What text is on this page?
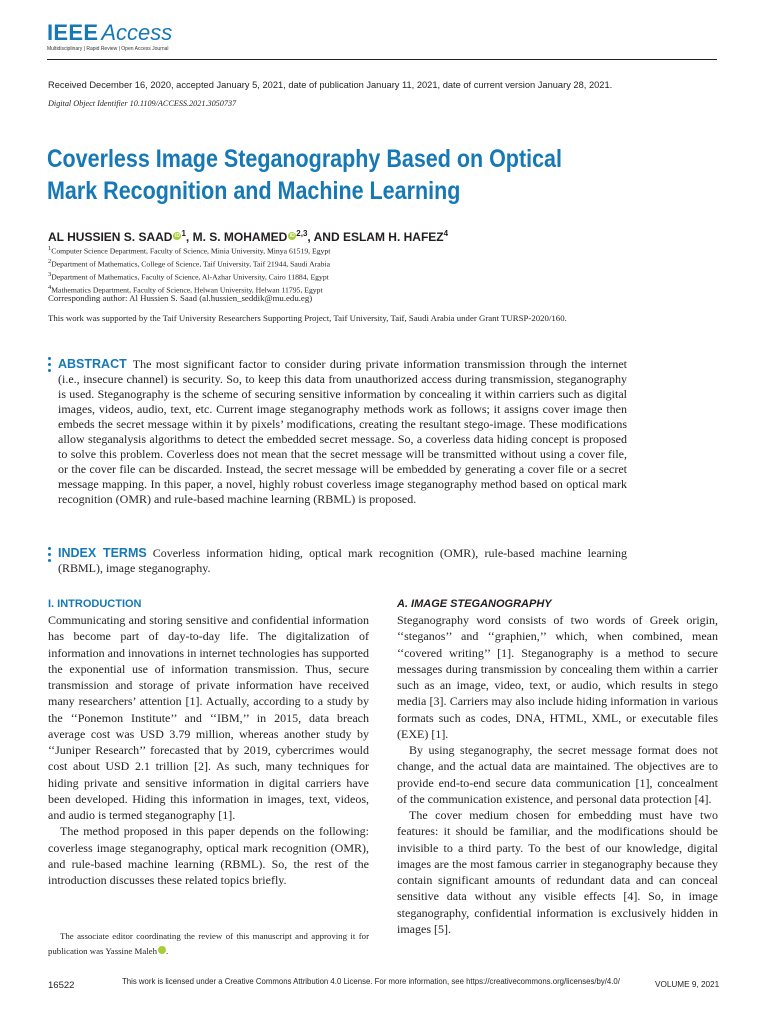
IEEE Access
Multidisciplinary | Rapid Review | Open Access Journal
Received December 16, 2020, accepted January 5, 2021, date of publication January 11, 2021, date of current version January 28, 2021.
Digital Object Identifier 10.1109/ACCESS.2021.3050737
Coverless Image Steganography Based on Optical Mark Recognition and Machine Learning
AL HUSSIEN S. SAAD iD $^1$, M. S. MOHAMED iD $^{2,3}$, AND ESLAM H. HAFEZ$^4$
$^1$Computer Science Department, Faculty of Science, Minia University, Minya 61519, Egypt
$^2$Department of Mathematics, College of Science, Taif University, Taif 21944, Saudi Arabia
$^3$Department of Mathematics, Faculty of Science, Al-Azhar University, Cairo 11884, Egypt
$^4$Mathematics Department, Faculty of Science, Helwan University, Helwan 11795, Egypt
Corresponding author: Al Hussien S. Saad (al.hussien_seddik@mu.edu.eg)
This work was supported by the Taif University Researchers Supporting Project, Taif University, Taif, Saudi Arabia under Grant TURSP-2020/160.
ABSTRACT The most significant factor to consider during private information transmission through the internet (i.e., insecure channel) is security. So, to keep this data from unauthorized access during transmission, steganography is used. Steganography is the scheme of securing sensitive information by concealing it within carriers such as digital images, videos, audio, text, etc. Current image steganography methods work as follows; it assigns cover image then embeds the secret message within it by pixels’ modifications, creating the resultant stego-image. These modifications allow steganalysis algorithms to detect the embedded secret message. So, a coverless data hiding concept is proposed to solve this problem. Coverless does not mean that the secret message will be transmitted without using a cover file, or the cover file can be discarded. Instead, the secret message will be embedded by generating a cover file or a secret message mapping. In this paper, a novel, highly robust coverless image steganography method based on optical mark recognition (OMR) and rule-based machine learning (RBML) is proposed.
INDEX TERMS Coverless information hiding, optical mark recognition (OMR), rule-based machine learning (RBML), image steganography.
I. INTRODUCTION

Communicating and storing sensitive and confidential information has become part of day-to-day life. The digitalization of information and innovations in internet technologies has supported the exponential use of information transmission. Thus, secure transmission and storage of private information have received many researchers’ attention [1]. Actually, according to a study by the ‘‘Ponemon Institute’’ and ‘‘IBM,’’ in 2015, data breach average cost was USD 3.79 million, whereas another study by ‘‘Juniper Research’’ forecasted that by 2019, cybercrimes would cost about USD 2.1 trillion [2]. As such, many techniques for hiding private and sensitive information in digital carriers have been developed. Hiding this information in images, text, videos, and audio is termed steganography [1].

The method proposed in this paper depends on the following: coverless image steganography, optical mark recognition (OMR), and rule-based machine learning (RBML). So, the rest of the introduction discusses these related topics briefly.

The associate editor coordinating the review of this manuscript and approving it for publication was Yassine Maleh	iD.

A. IMAGE STEGANOGRAPHY

Steganography word consists of two words of Greek origin, ‘‘steganos’’ and ‘‘graphien,’’ which, when combined, mean ‘‘covered writing’’ [1]. Steganography is a method to secure messages during transmission by concealing them within a carrier such as an image, video, text, or audio, which results in stego media [3]. Carriers may also include hiding information in various formats such as codes, DNA, HTML, XML, or executable files (EXE) [1].

By using steganography, the secret message format does not change, and the actual data are maintained. The objectives are to provide end-to-end secure data communication [1], concealment of the communication existence, and personal data protection [4].

The cover medium chosen for embedding must have two features: it should be familiar, and the modifications should be invisible to a third party. To the best of our knowledge, digital images are the most famous carrier in steganography because they contain significant amounts of redundant data and can conceal sensitive data without any visible effects [4]. So, in image steganography, confidential information is exclusively hidden in images [5].

16522	This work is licensed under a Creative Commons Attribution 4.0 License. For more information, see https://creativecommons.org/licenses/by/4.0/	VOLUME 9, 2021
